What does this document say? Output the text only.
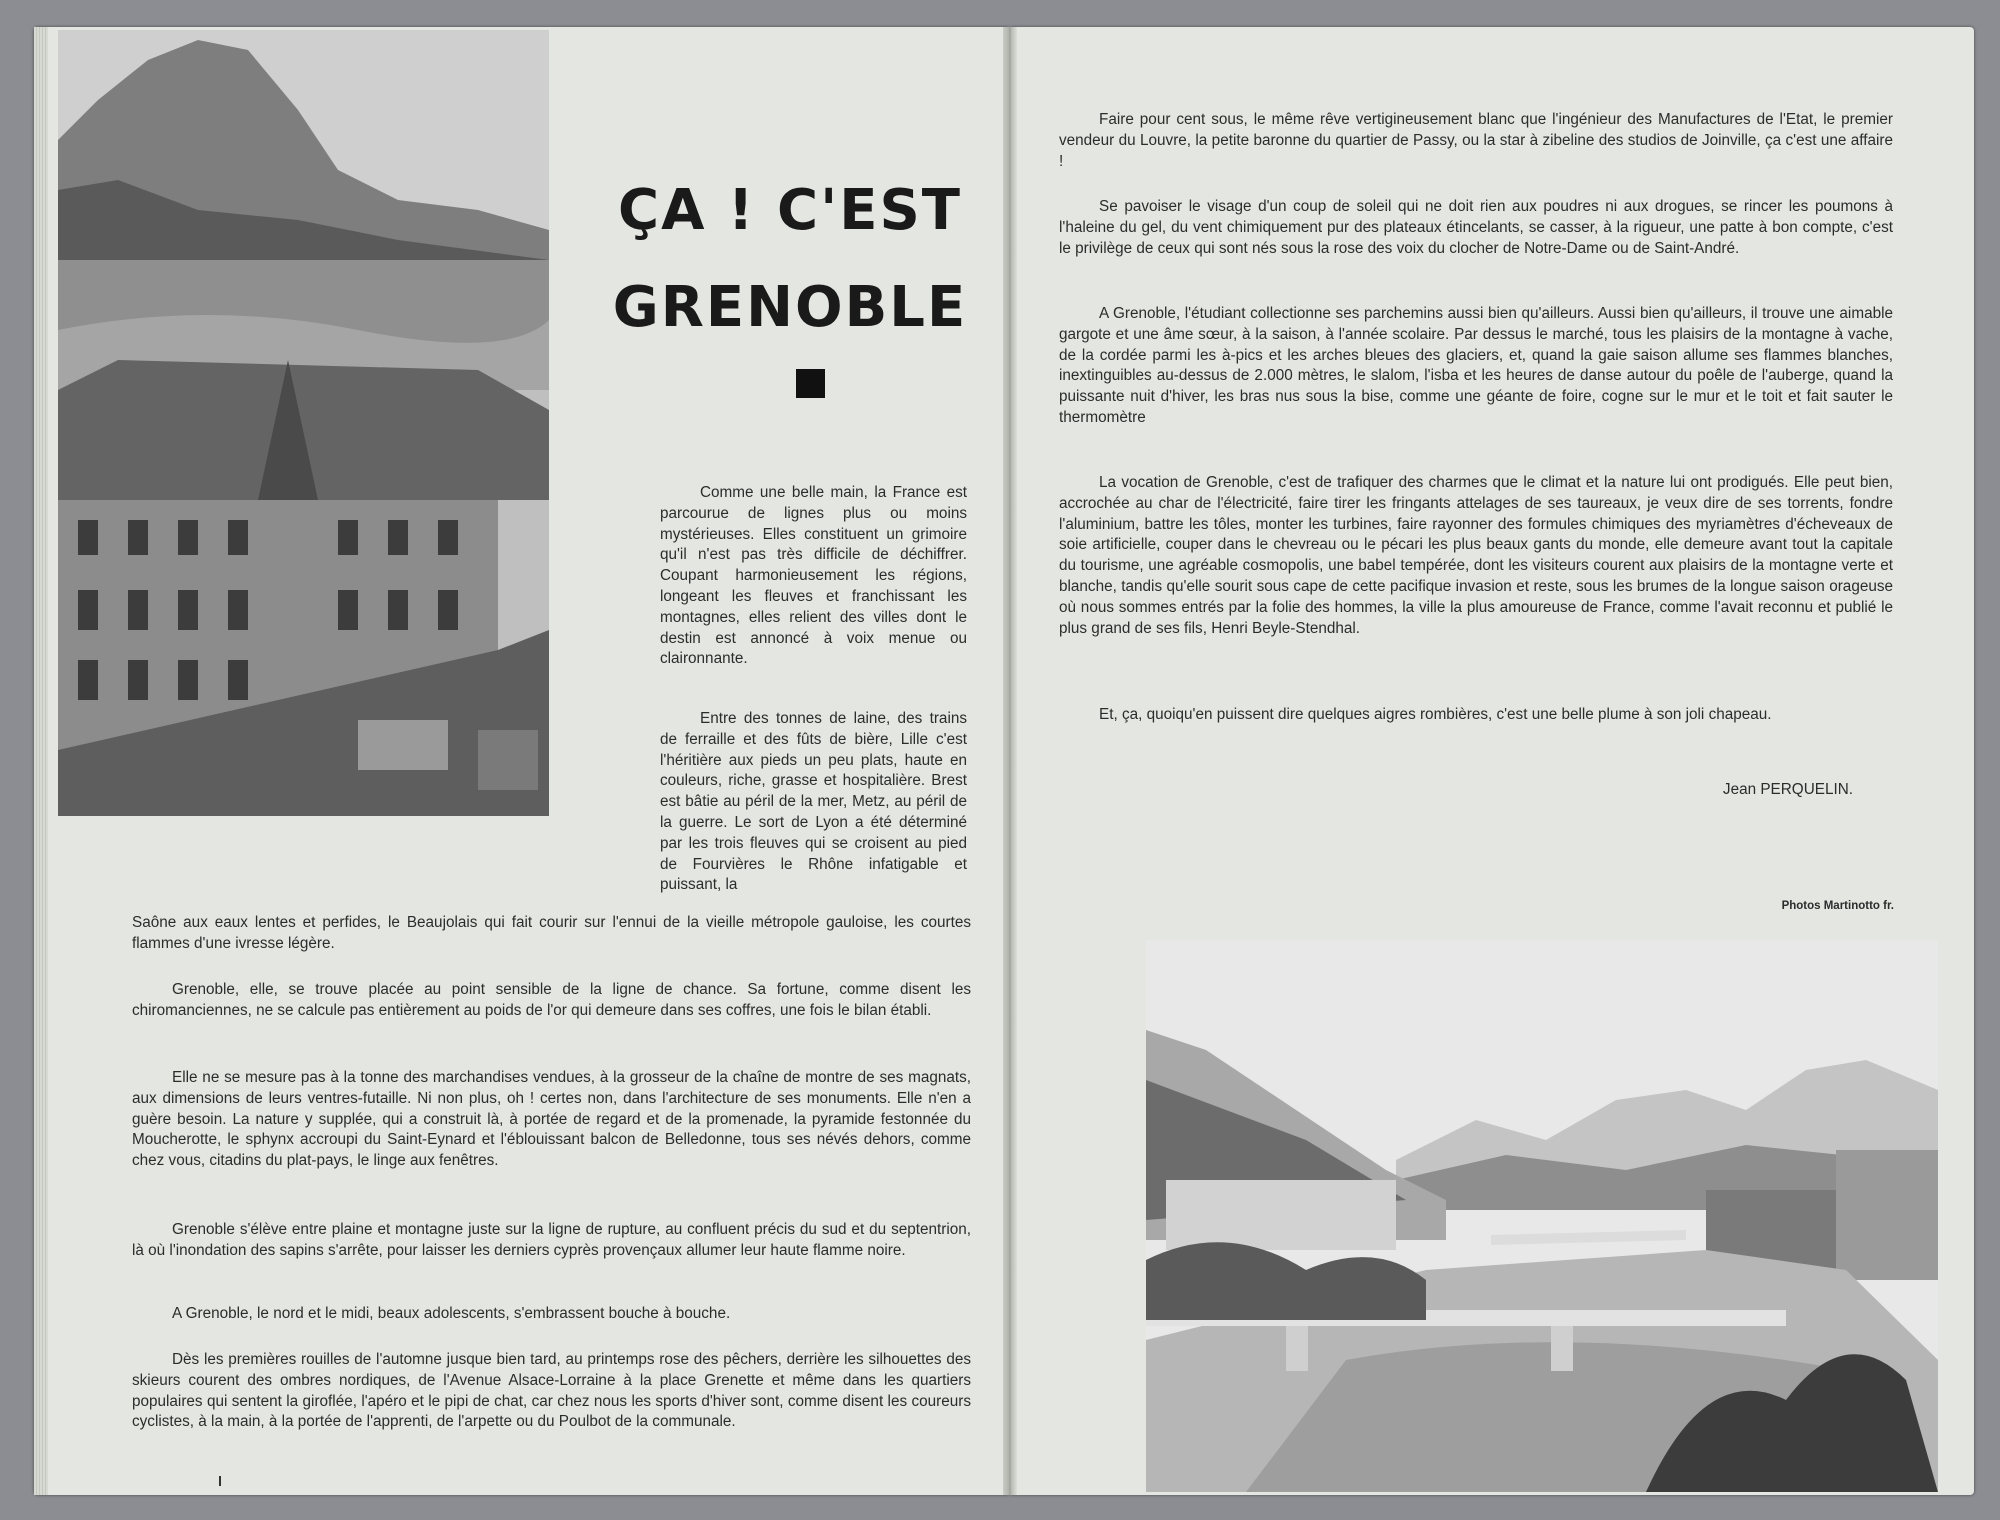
ÇA ! C'EST
GRENOBLE

Comme une belle main, la France est parcourue de lignes plus ou moins mystérieuses. Elles constituent un grimoire qu'il n'est pas très difficile de déchiffrer. Coupant harmonieusement les régions, longeant les fleuves et franchissant les montagnes, elles relient des villes dont le destin est annoncé à voix menue ou claironnante.

Entre des tonnes de laine, des trains de ferraille et des fûts de bière, Lille c'est l'héritière aux pieds un peu plats, haute en couleurs, riche, grasse et hospitalière. Brest est bâtie au péril de la mer, Metz, au péril de la guerre. Le sort de Lyon a été déterminé par les trois fleuves qui se croisent au pied de Fourvières le Rhône infatigable et puissant, la

Saône aux eaux lentes et perfides, le Beaujolais qui fait courir sur l'ennui de la vieille métropole gauloise, les courtes flammes d'une ivresse légère.

Grenoble, elle, se trouve placée au point sensible de la ligne de chance. Sa fortune, comme disent les chiromanciennes, ne se calcule pas entièrement au poids de l'or qui demeure dans ses coffres, une fois le bilan établi.

Elle ne se mesure pas à la tonne des marchandises vendues, à la grosseur de la chaîne de montre de ses magnats, aux dimensions de leurs ventres-futaille. Ni non plus, oh ! certes non, dans l'architecture de ses monuments. Elle n'en a guère besoin. La nature y supplée, qui a construit là, à portée de regard et de la promenade, la pyramide festonnée du Moucherotte, le sphynx accroupi du Saint-Eynard et l'éblouissant balcon de Belledonne, tous ses névés dehors, comme chez vous, citadins du plat-pays, le linge aux fenêtres.

Grenoble s'élève entre plaine et montagne juste sur la ligne de rupture, au confluent précis du sud et du septentrion, là où l'inondation des sapins s'arrête, pour laisser les derniers cyprès provençaux allumer leur haute flamme noire.

A Grenoble, le nord et le midi, beaux adolescents, s'embrassent bouche à bouche.

Dès les premières rouilles de l'automne jusque bien tard, au printemps rose des pêchers, derrière les silhouettes des skieurs courent des ombres nordiques, de l'Avenue Alsace-Lorraine à la place Grenette et même dans les quartiers populaires qui sentent la giroflée, l'apéro et le pipi de chat, car chez nous les sports d'hiver sont, comme disent les coureurs cyclistes, à la main, à la portée de l'apprenti, de l'arpette ou du Poulbot de la communale.

Faire pour cent sous, le même rêve vertigineusement blanc que l'ingénieur des Manufactures de l'Etat, le premier vendeur du Louvre, la petite baronne du quartier de Passy, ou la star à zibeline des studios de Joinville, ça c'est une affaire !

Se pavoiser le visage d'un coup de soleil qui ne doit rien aux poudres ni aux drogues, se rincer les poumons à l'haleine du gel, du vent chimiquement pur des plateaux étincelants, se casser, à la rigueur, une patte à bon compte, c'est le privilège de ceux qui sont nés sous la rose des voix du clocher de Notre-Dame ou de Saint-André.

A Grenoble, l'étudiant collectionne ses parchemins aussi bien qu'ailleurs. Aussi bien qu'ailleurs, il trouve une aimable gargote et une âme sœur, à la saison, à l'année scolaire. Par dessus le marché, tous les plaisirs de la montagne à vache, de la cordée parmi les à-pics et les arches bleues des glaciers, et, quand la gaie saison allume ses flammes blanches, inextinguibles au-dessus de 2.000 mètres, le slalom, l'isba et les heures de danse autour du poêle de l'auberge, quand la puissante nuit d'hiver, les bras nus sous la bise, comme une géante de foire, cogne sur le mur et le toit et fait sauter le thermomètre

La vocation de Grenoble, c'est de trafiquer des charmes que le climat et la nature lui ont prodigués. Elle peut bien, accrochée au char de l'électricité, faire tirer les fringants attelages de ses taureaux, je veux dire de ses torrents, fondre l'aluminium, battre les tôles, monter les turbines, faire rayonner des formules chimiques des myriamètres d'écheveaux de soie artificielle, couper dans le chevreau ou le pécari les plus beaux gants du monde, elle demeure avant tout la capitale du tourisme, une agréable cosmopolis, une babel tempérée, dont les visiteurs courent aux plaisirs de la montagne verte et blanche, tandis qu'elle sourit sous cape de cette pacifique invasion et reste, sous les brumes de la longue saison orageuse où nous sommes entrés par la folie des hommes, la ville la plus amoureuse de France, comme l'avait reconnu et publié le plus grand de ses fils, Henri Beyle-Stendhal.

Et, ça, quoiqu'en puissent dire quelques aigres rombières, c'est une belle plume à son joli chapeau.

Jean PERQUELIN.
Photos Martinotto fr.
